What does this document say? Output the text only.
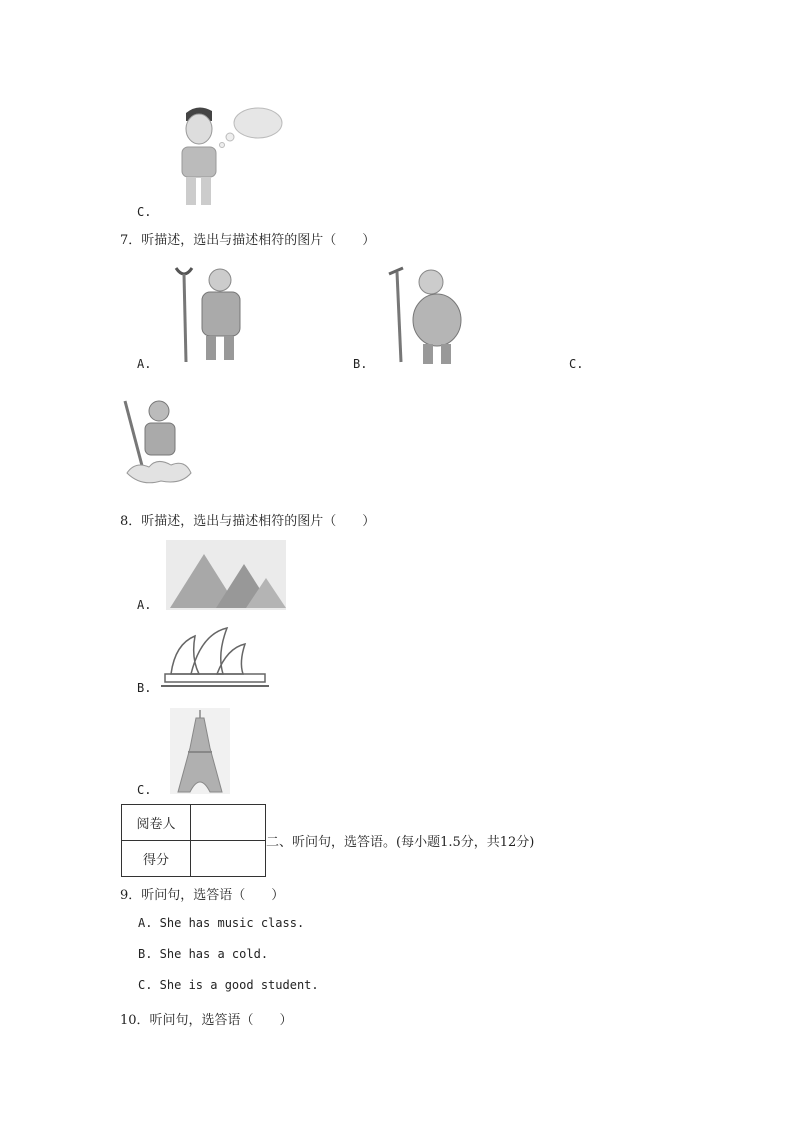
C.
7．听描述，选出与描述相符的图片（　　）
A.	B.	C.
8．听描述，选出与描述相符的图片（　　）
A.
B.
C.
阅卷人	
得分	
二、听问句，选答语。(每小题1.5分，共12分)
9．听问句，选答语（　　）
A. She has music class.
B. She has a cold.
C. She is a good student.
10．听问句，选答语（　　）
